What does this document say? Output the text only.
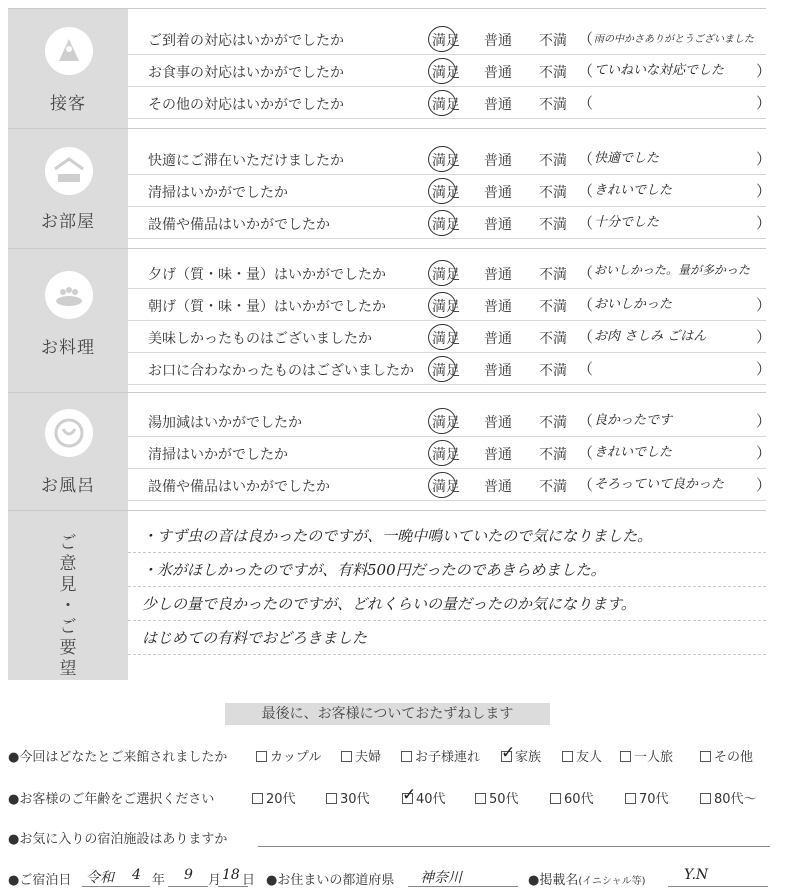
接客
ご到着の対応はいかがでしたか	満足 普通 不満 （ 雨の中かさありがとうございました
お食事の対応はいかがでしたか	満足 普通 不満 （ ていねいな対応でした ）
その他の対応はいかがでしたか	満足 普通 不満 （	）
お部屋
快適にご滞在いただけましたか	満足 普通 不満 （ 快適でした	）
清掃はいかがでしたか	満足 普通 不満 （ きれいでした	）
設備や備品はいかがでしたか	満足 普通 不満 （ 十分でした	）
お料理
夕げ（質・味・量）はいかがでしたか	満足 普通 不満 （ おいしかった。量が多かった
朝げ（質・味・量）はいかがでしたか	満足 普通 不満 （ おいしかった	）
美味しかったものはございましたか	満足 普通 不満 （ お肉 さしみ ごはん	）
お口に合わなかったものはございましたか 満足 普通 不満 （	）
お風呂
湯加減はいかがでしたか	満足 普通 不満 （ 良かったです	）
清掃はいかがでしたか	満足 普通 不満 （ きれいでした	）
設備や備品はいかがでしたか	満足 普通 不満 （ そろっていて良かった ）
ご
意
見
・
ご
要
望
・すず虫の音は良かったのですが、一晩中鳴いていたので気になりました。
・氷がほしかったのですが、有料500円だったのであきらめました。
少しの量で良かったのですが、どれくらいの量だったのか気になります。
はじめての有料でおどろきました
最後に、お客様についておたずねします
●今回はどなたとご来館されましたか	カップル	夫婦	お子様連れ ✓	家族	友人	一人旅	その他
●お客様のご年齢をご選択ください	20代	30代 ✓	40代	50代	60代	70代	80代〜
●お気に入りの宿泊施設はありますか
●ご宿泊日 令和 4 年 9 月 18 日 ●お住まいの都道府県 神奈川	●掲載名(イニシャル等)	Y.N
